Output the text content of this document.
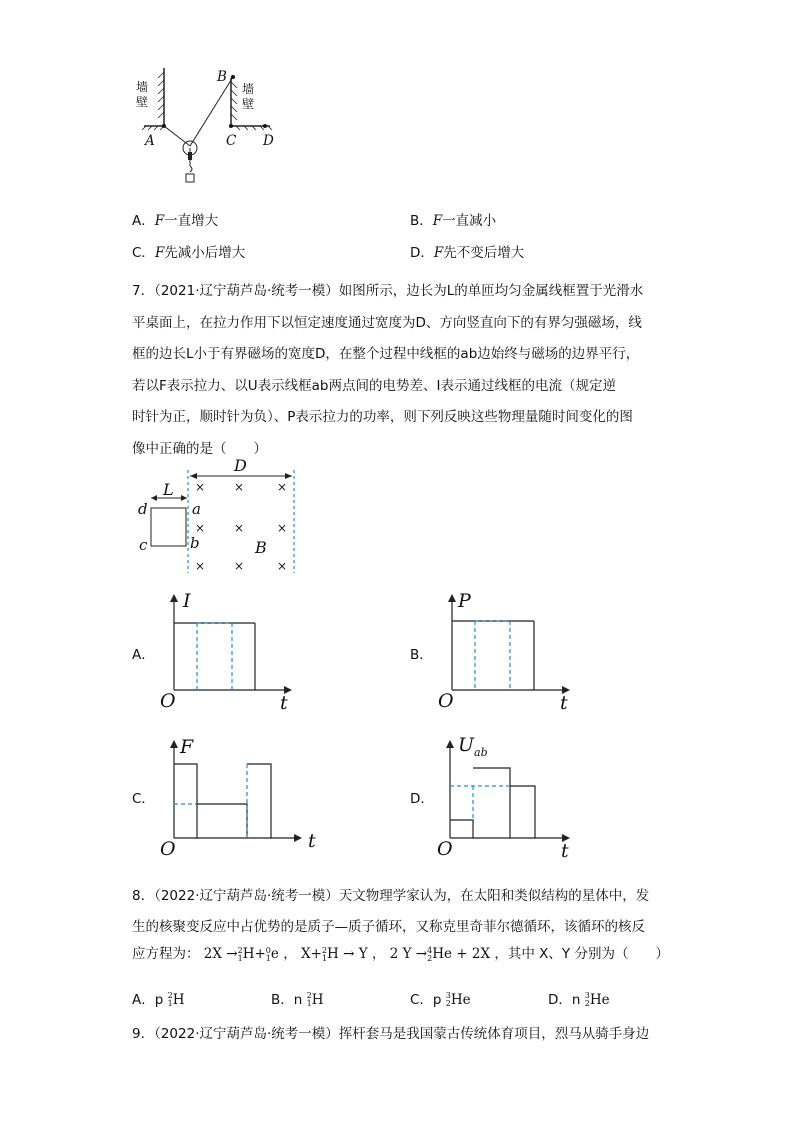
墙
壁
墙
壁
A
B
C D
A．F一直增大	B．F一直减小
C．F先减小后增大	D．F先不变后增大
7．（2021·辽宁葫芦岛·统考一模）如图所示，边长为L的单匝均匀金属线框置于光滑水
平桌面上，在拉力作用下以恒定速度通过宽度为D、方向竖直向下的有界匀强磁场，线
框的边长L小于有界磁场的宽度D，在整个过程中线框的ab边始终与磁场的边界平行，
若以F表示拉力、以U表示线框ab两点间的电势差、I表示通过线框的电流（规定逆
时针为正，顺时针为负）、P表示拉力的功率，则下列反映这些物理量随时间变化的图
像中正确的是（　　）
× ×	×
× ×	×
× ×	×
D
L
a
b
c
d
B
A．
I
O	t
B．
P
O	t
C．
F
O	t
D．
$U_{ab}$
O	t
8．（2022·辽宁葫芦岛·统考一模）天文物理学家认为，在太阳和类似结构的星体中，发
生的核聚变反应中占优势的是质子—质子循环，又称克里奇菲尔德循环，该循环的核反
应方程为： 2X → 2
1 H+ 0
1 e ， X+ 2
1 H → Y ， 2 Y → 4
2 He + 2X ，其中 X、Y 分别为（　　）
A．p 2
1 H	B．n 2
1 H	C．p 3
2 He	D．n 3
2 He
9．（2022·辽宁葫芦岛·统考一模）挥杆套马是我国蒙古传统体育项目，烈马从骑手身边
